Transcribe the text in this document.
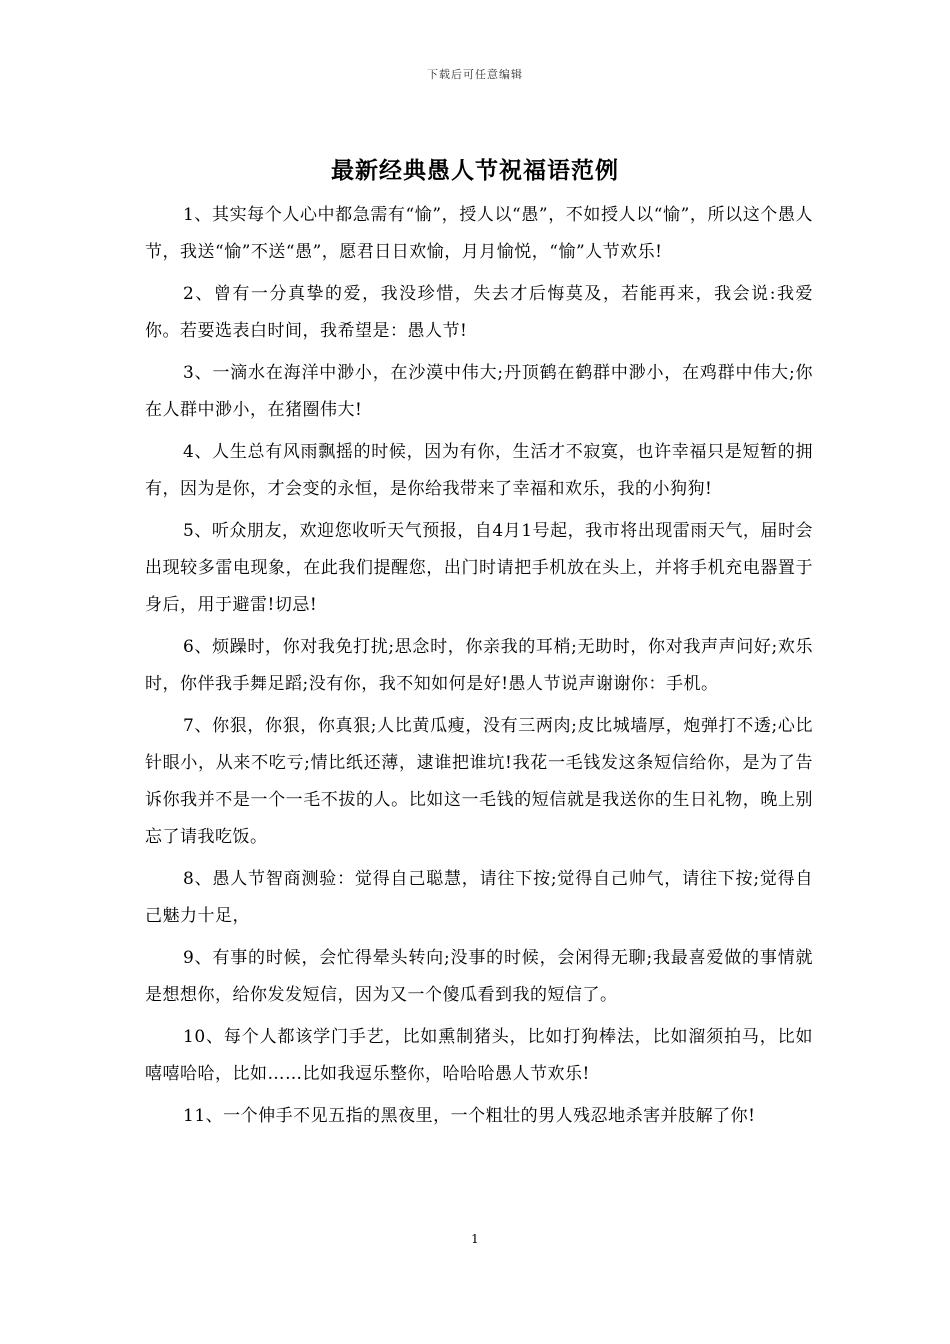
下载后可任意编辑
最新经典愚人节祝福语范例

1、其实每个人心中都急需有“愉”，授人以“愚”，不如授人以“愉”，所以这个愚人节，我送“愉”不送“愚”，愿君日日欢愉，月月愉悦，“愉”人节欢乐!

2、曾有一分真挚的爱，我没珍惜，失去才后悔莫及，若能再来，我会说:我爱你。若要选表白时间，我希望是：愚人节!

3、一滴水在海洋中渺小，在沙漠中伟大;丹顶鹤在鹤群中渺小，在鸡群中伟大;你在人群中渺小，在猪圈伟大!

4、人生总有风雨飘摇的时候，因为有你，生活才不寂寞，也许幸福只是短暂的拥有，因为是你，才会变的永恒，是你给我带来了幸福和欢乐，我的小狗狗!

5、听众朋友，欢迎您收听天气预报，自4月1号起，我市将出现雷雨天气，届时会出现较多雷电现象，在此我们提醒您，出门时请把手机放在头上，并将手机充电器置于身后，用于避雷!切忌!

6、烦躁时，你对我免打扰;思念时，你亲我的耳梢;无助时，你对我声声问好;欢乐时，你伴我手舞足蹈;没有你，我不知如何是好!愚人节说声谢谢你：手机。

7、你狠，你狠，你真狠;人比黄瓜瘦，没有三两肉;皮比城墙厚，炮弹打不透;心比针眼小，从来不吃亏;情比纸还薄，逮谁把谁坑!我花一毛钱发这条短信给你，是为了告诉你我并不是一个一毛不拔的人。比如这一毛钱的短信就是我送你的生日礼物，晚上别忘了请我吃饭。

8、愚人节智商测验：觉得自己聪慧，请往下按;觉得自己帅气，请往下按;觉得自己魅力十足，

9、有事的时候，会忙得晕头转向;没事的时候，会闲得无聊;我最喜爱做的事情就是想想你，给你发发短信，因为又一个傻瓜看到我的短信了。

10、每个人都该学门手艺，比如熏制猪头，比如打狗棒法，比如溜须拍马，比如嘻嘻哈哈，比如……比如我逗乐整你，哈哈哈愚人节欢乐!

11、一个伸手不见五指的黑夜里，一个粗壮的男人残忍地杀害并肢解了你!

1
